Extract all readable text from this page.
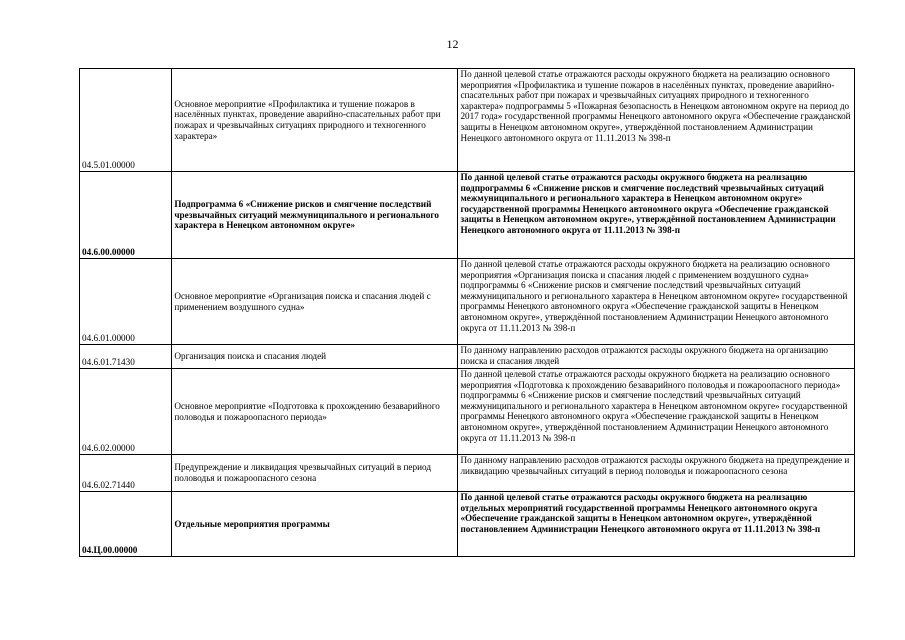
12
04.5.01.00000	Основное мероприятие «Профилактика и тушение пожаров в населённых пунктах, проведение аварийно-спасательных работ при пожарах и чрезвычайных ситуациях природного и техногенного характера»	По данной целевой статье отражаются расходы окружного бюджета на реализацию основного мероприятия «Профилактика и тушение пожаров в населённых пунктах, проведение аварийно-спасательных работ при пожарах и чрезвычайных ситуациях природного и техногенного характера» подпрограммы 5 «Пожарная безопасность в Ненецком автономном округе на период до 2017 года» государственной программы Ненецкого автономного округа «Обеспечение гражданской защиты в Ненецком автономном округе», утверждённой постановлением Администрации Ненецкого автономного округа от 11.11.2013 № 398-п
04.6.00.00000	Подпрограмма 6 «Снижение рисков и смягчение последствий чрезвычайных ситуаций межмуниципального и регионального характера в Ненецком автономном округе»	По данной целевой статье отражаются расходы окружного бюджета на реализацию подпрограммы 6 «Снижение рисков и смягчение последствий чрезвычайных ситуаций межмуниципального и регионального характера в Ненецком автономном округе» государственной программы Ненецкого автономного округа «Обеспечение гражданской защиты в Ненецком автономном округе», утверждённой постановлением Администрации Ненецкого автономного округа от 11.11.2013 № 398-п
04.6.01.00000	Основное мероприятие «Организация поиска и спасания людей с применением воздушного судна»	По данной целевой статье отражаются расходы окружного бюджета на реализацию основного мероприятия «Организация поиска и спасания людей с применением воздушного судна» подпрограммы 6 «Снижение рисков и смягчение последствий чрезвычайных ситуаций межмуниципального и регионального характера в Ненецком автономном округе» государственной программы Ненецкого автономного округа «Обеспечение гражданской защиты в Ненецком автономном округе», утверждённой постановлением Администрации Ненецкого автономного округа от 11.11.2013 № 398-п
04.6.01.71430	Организация поиска и спасания людей	По данному направлению расходов отражаются расходы окружного бюджета на организацию поиска и спасания людей
04.6.02.00000	Основное мероприятие «Подготовка к прохождению безаварийного половодья и пожароопасного периода»	По данной целевой статье отражаются расходы окружного бюджета на реализацию основного мероприятия «Подготовка к прохождению безаварийного половодья и пожароопасного периода» подпрограммы 6 «Снижение рисков и смягчение последствий чрезвычайных ситуаций межмуниципального и регионального характера в Ненецком автономном округе» государственной программы Ненецкого автономного округа «Обеспечение гражданской защиты в Ненецком автономном округе», утверждённой постановлением Администрации Ненецкого автономного округа от 11.11.2013 № 398-п
04.6.02.71440	Предупреждение и ликвидация чрезвычайных ситуаций в период половодья и пожароопасного сезона	По данному направлению расходов отражаются расходы окружного бюджета на предупреждение и ликвидацию чрезвычайных ситуаций в период половодья и пожароопасного сезона
04.Ц.00.00000	Отдельные мероприятия программы	По данной целевой статье отражаются расходы окружного бюджета на реализацию отдельных мероприятий государственной программы Ненецкого автономного округа «Обеспечение гражданской защиты в Ненецком автономном округе», утверждённой постановлением Администрации Ненецкого автономного округа от 11.11.2013 № 398-п
